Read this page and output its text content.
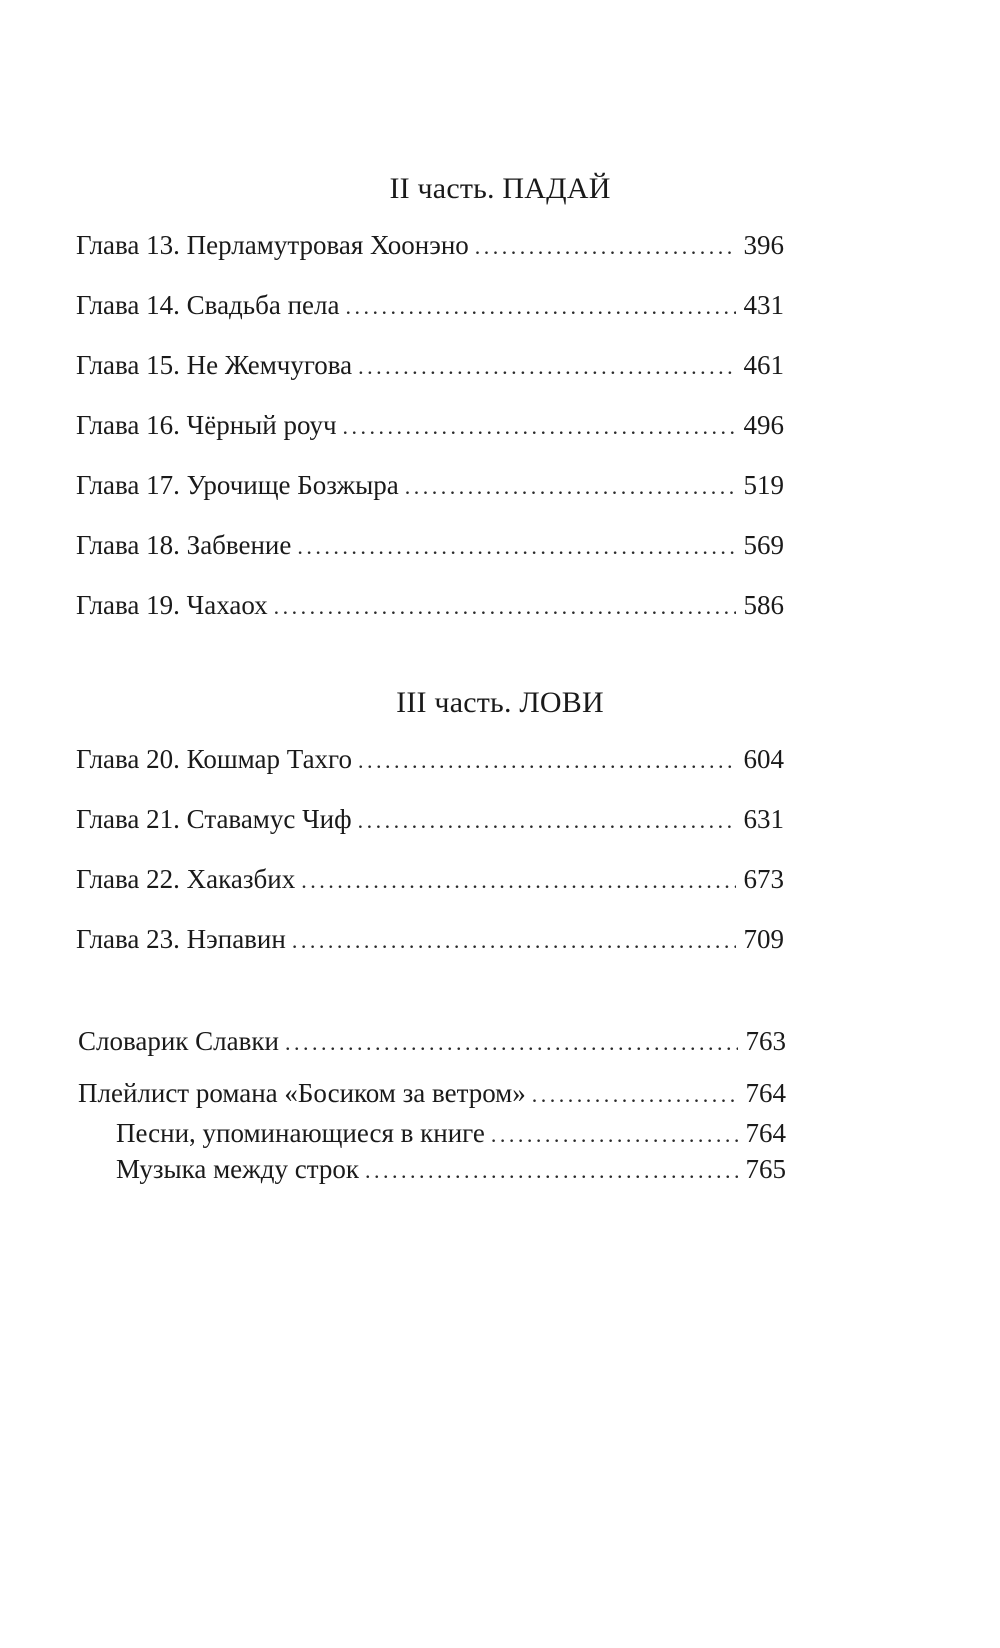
II часть. ПАДАЙ
Глава 13. Перламутровая Хоонэно . . .	396
Глава 14. Свадьба пела . . .	431
Глава 15. Не Жемчугова . . .	461
Глава 16. Чёрный роуч . . .	496
Глава 17. Урочище Бозжыра . . .	519
Глава 18. Забвение . . .	569
Глава 19. Чахаох . . .	586
III часть. ЛОВИ
Глава 20. Кошмар Тахго . . .	604
Глава 21. Ставамус Чиф . . .	631
Глава 22. Хаказбих . . .	673
Глава 23. Нэпавин . . .	709
Словарик Славки . . .	763
Плейлист романа «Босиком за ветром» . . .	764
Песни, упоминающиеся в книге . . .	764
Музыка между строк . . .	765
